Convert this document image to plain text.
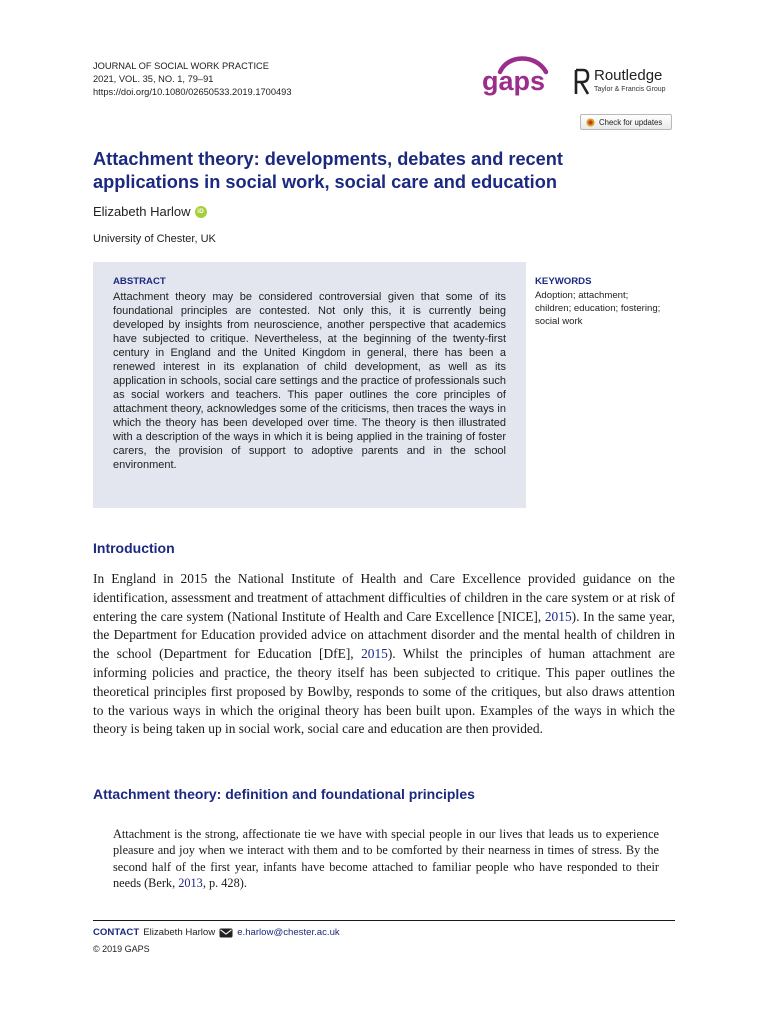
JOURNAL OF SOCIAL WORK PRACTICE
2021, VOL. 35, NO. 1, 79–91
https://doi.org/10.1080/02650533.2019.1700493	gaps	Routledge
Taylor & Francis Group
Check for updates
Attachment theory: developments, debates and recent applications in social work, social care and education
Elizabeth Harlow	iD
University of Chester, UK
ABSTRACT
Attachment theory may be considered controversial given that some of its foundational principles are contested. Not only this, it is currently being developed by insights from neuroscience, another perspective that academics have subjected to critique. Nevertheless, at the beginning of the twenty-first century in England and the United Kingdom in general, there has been a renewed interest in its explanation of child development, as well as its application in schools, social care settings and the practice of professionals such as social workers and teachers. This paper outlines the core principles of attachment theory, acknowledges some of the criticisms, then traces the ways in which the theory has been developed over time. The theory is then illustrated with a description of the ways in which it is being applied in the training of foster carers, the provision of support to adoptive parents and in the school environment.
KEYWORDS
Adoption; attachment; children; education; fostering; social work
Introduction
In England in 2015 the National Institute of Health and Care Excellence provided guidance on the identification, assessment and treatment of attachment difficulties of children in the care system or at risk of entering the care system (National Institute of Health and Care Excellence [NICE], 2015). In the same year, the Department for Education provided advice on attachment disorder and the mental health of children in the school (Department for Education [DfE], 2015). Whilst the principles of human attachment are informing policies and practice, the theory itself has been subjected to critique. This paper outlines the theoretical principles first proposed by Bowlby, responds to some of the critiques, but also draws attention to the various ways in which the original theory has been built upon. Examples of the ways in which the theory is being taken up in social work, social care and education are then provided.
Attachment theory: definition and foundational principles
Attachment is the strong, affectionate tie we have with special people in our lives that leads us to experience pleasure and joy when we interact with them and to be comforted by their nearness in times of stress. By the second half of the first year, infants have become attached to familiar people who have responded to their needs (Berk, 2013, p. 428).
CONTACT Elizabeth Harlow e.harlow@chester.ac.uk
© 2019 GAPS
